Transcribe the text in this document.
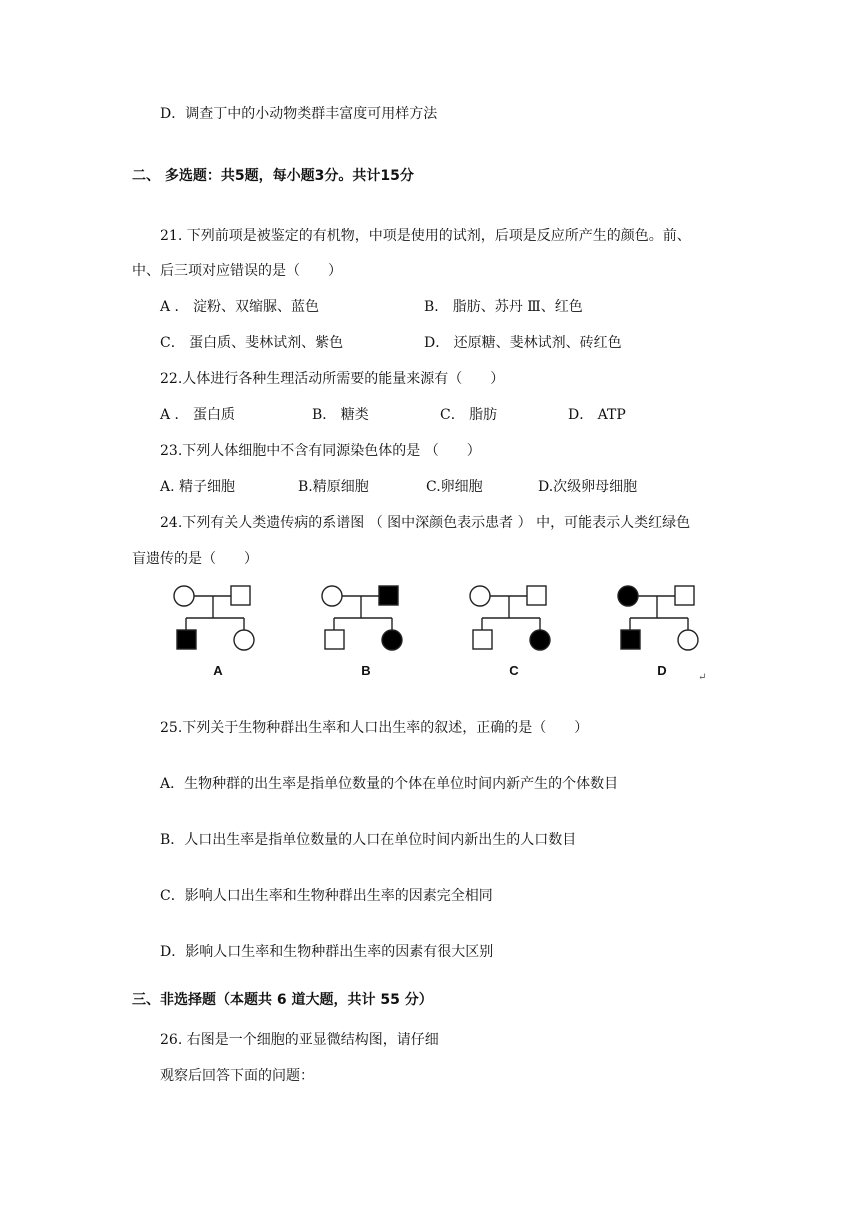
D．调查丁中的小动物类群丰富度可用样方法
二、 多选题：共5题，每小题3分。共计15分
21. 下列前项是被鉴定的有机物，中项是使用的试剂，后项是反应所产生的颜色。前、
中、后三项对应错误的是（　　）
A ． 淀粉、双缩脲、蓝色	B． 脂肪、苏丹 Ⅲ、红色
C． 蛋白质、斐林试剂、紫色	D． 还原糖、斐林试剂、砖红色
22.人体进行各种生理活动所需要的能量来源有（　　）
A ． 蛋白质	B． 糖类	C． 脂肪	D． ATP
23.下列人体细胞中不含有同源染色体的是 （　　）
A. 精子细胞	B.精原细胞	C.卵细胞	D.次级卵母细胞
24.下列有关人类遗传病的系谱图 （ 图中深颜色表示患者 ） 中，可能表示人类红绿色
盲遗传的是（　　）
A	B	C	D	↵
25.下列关于生物种群出生率和人口出生率的叙述，正确的是（　　）
A．生物种群的出生率是指单位数量的个体在单位时间内新产生的个体数目
B．人口出生率是指单位数量的人口在单位时间内新出生的人口数目
C．影响人口出生率和生物种群出生率的因素完全相同
D．影响人口生率和生物种群出生率的因素有很大区别
三、非选择题（本题共 6 道大题，共计 55 分）
26. 右图是一个细胞的亚显微结构图，请仔细
观察后回答下面的问题：
